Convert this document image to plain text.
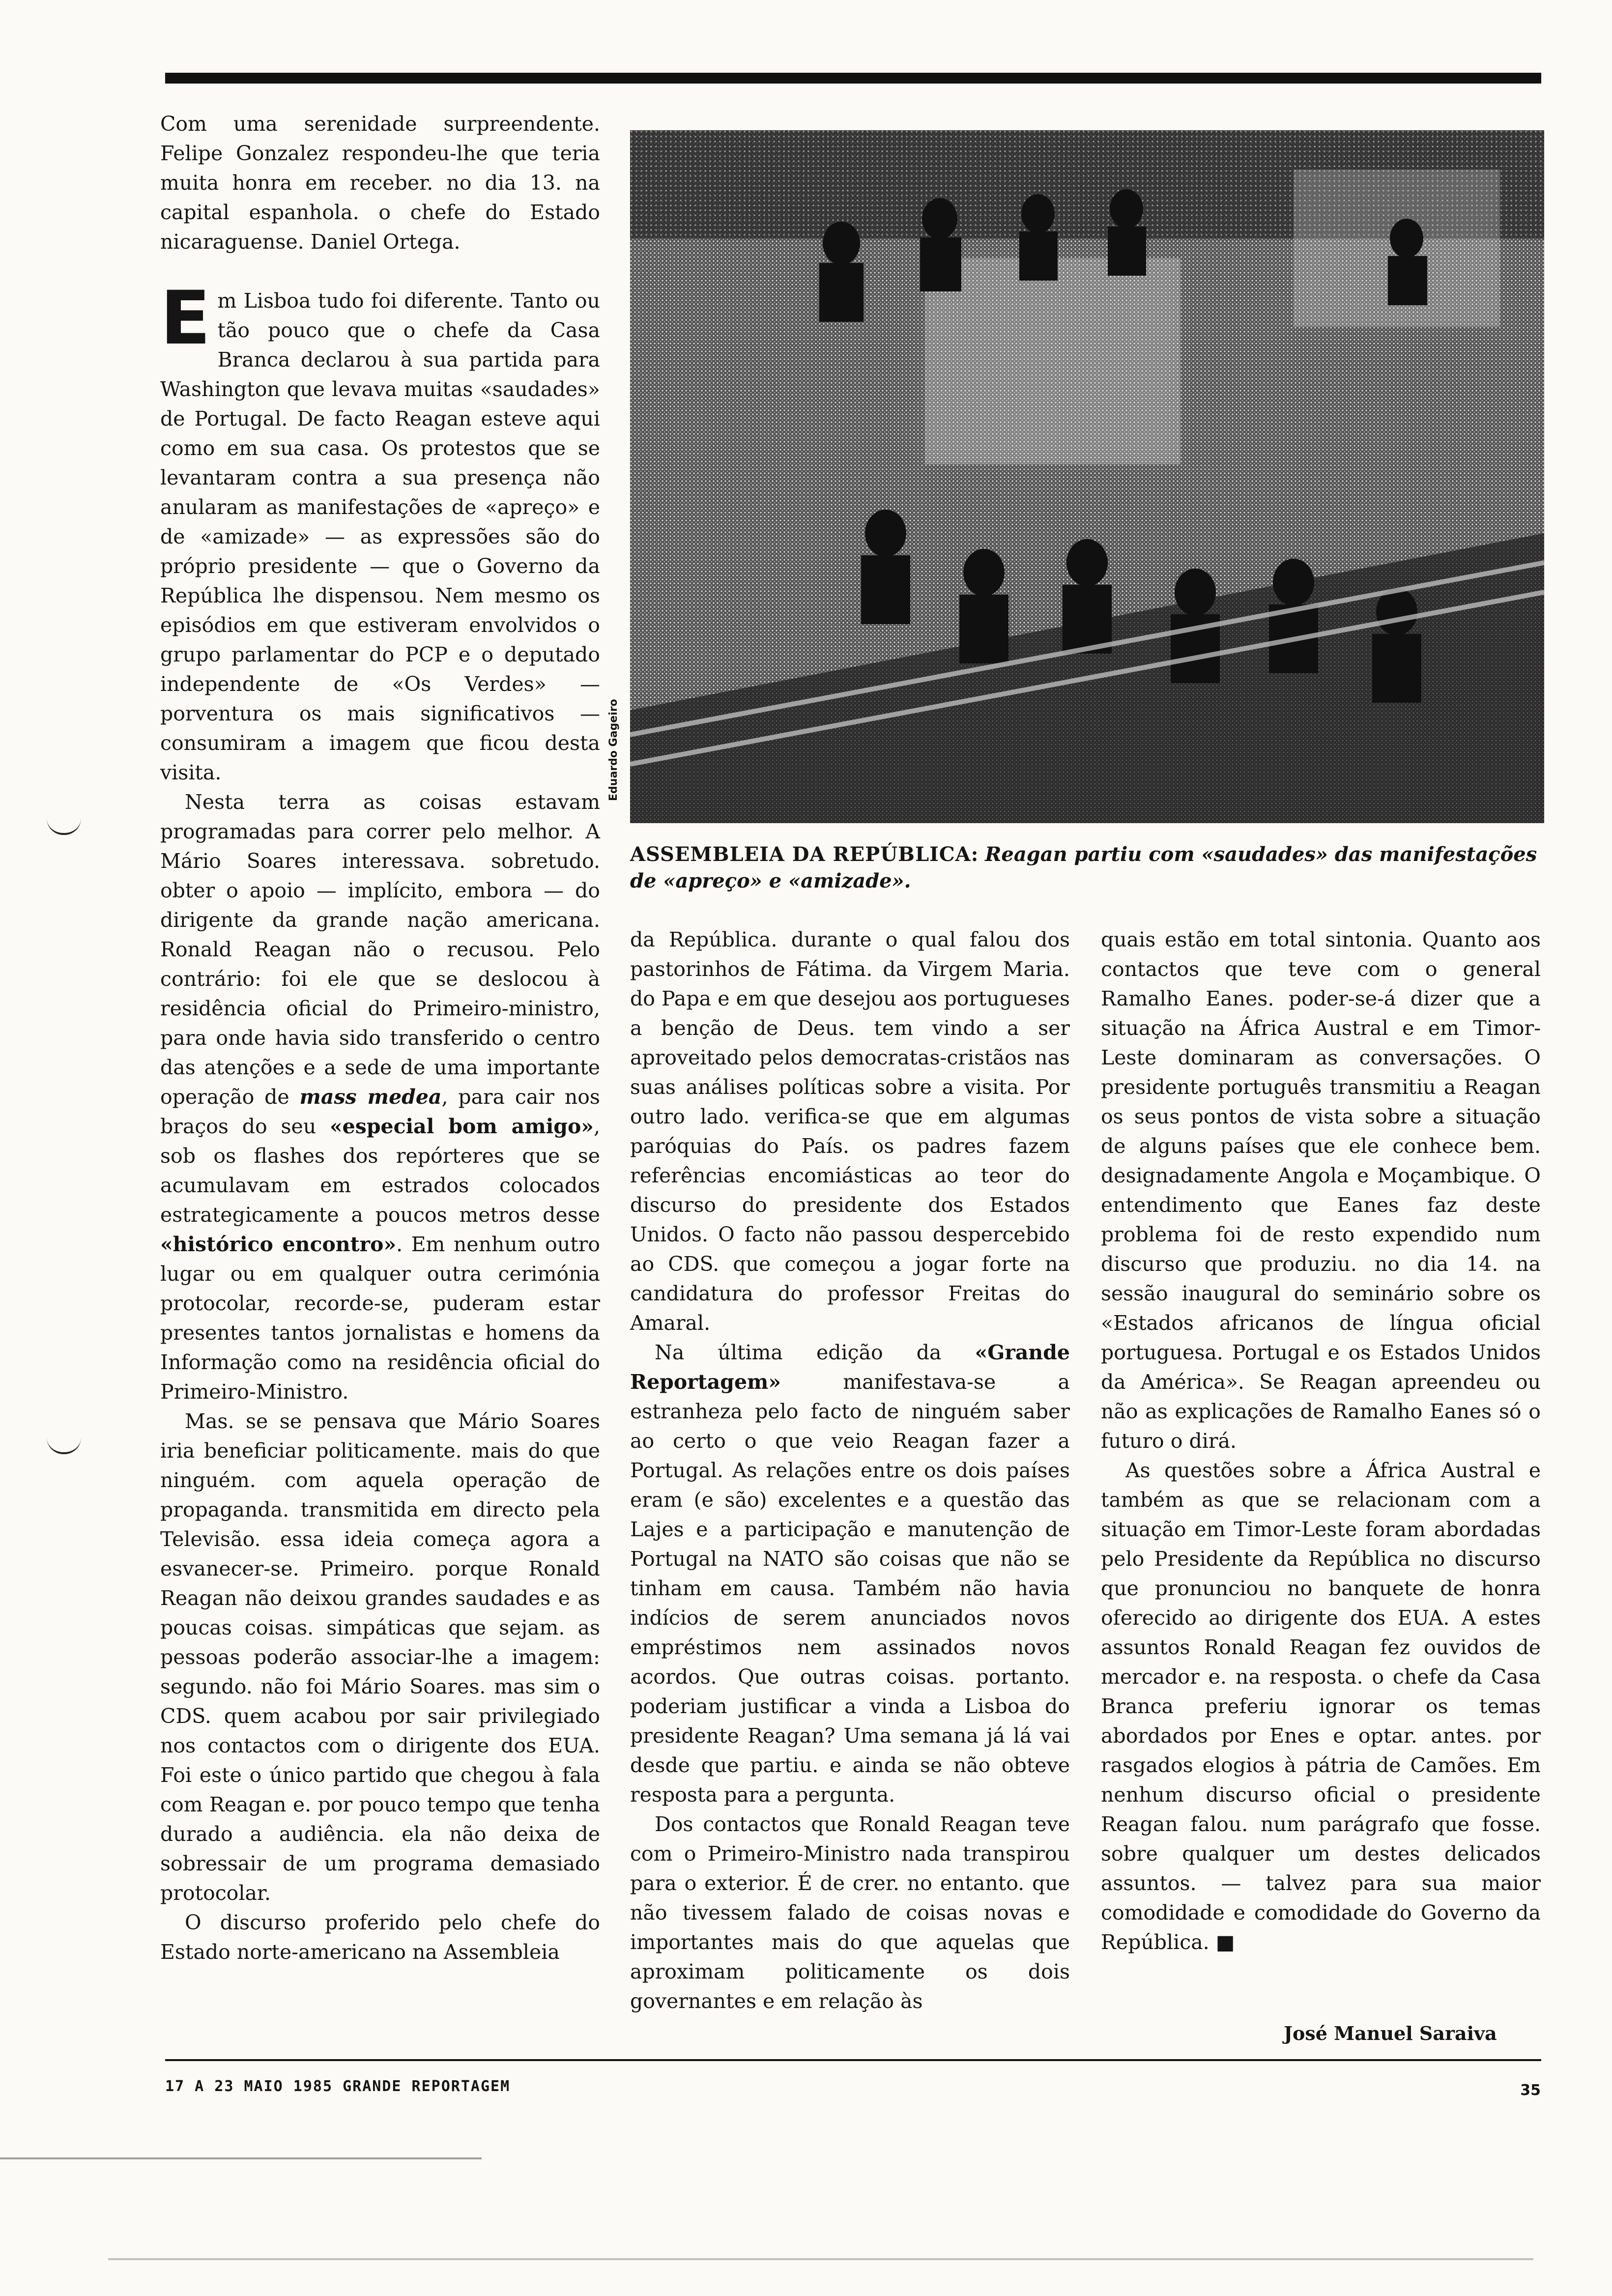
Com uma serenidade surpreendente. Felipe Gonzalez respondeu-lhe que teria muita honra em receber. no dia 13. na capital espanhola. o chefe do Estado nicaraguense. Daniel Ortega.

Em Lisboa tudo foi diferente. Tanto ou tão pouco que o chefe da Casa Branca declarou à sua partida para Washington que levava muitas «saudades» de Portugal. De facto Reagan esteve aqui como em sua casa. Os protestos que se levantaram contra a sua presença não anularam as manifestações de «apreço» e de «amizade» — as expressões são do próprio presidente — que o Governo da República lhe dispensou. Nem mesmo os episódios em que estiveram envolvidos o grupo parlamentar do PCP e o deputado independente de «Os Verdes» — porventura os mais significativos — consumiram a imagem que ficou desta visita.

Nesta terra as coisas estavam programadas para correr pelo melhor. A Mário Soares interessava. sobretudo. obter o apoio — implícito, embora — do dirigente da grande nação americana. Ronald Reagan não o recusou. Pelo contrário: foi ele que se deslocou à residência oficial do Primeiro-ministro, para onde havia sido transferido o centro das atenções e a sede de uma importante operação de mass medea, para cair nos braços do seu «especial bom amigo», sob os flashes dos repórteres que se acumulavam em estrados colocados estrategicamente a poucos metros desse «histórico encontro». Em nenhum outro lugar ou em qualquer outra cerimónia protocolar, recorde-se, puderam estar presentes tantos jornalistas e homens da Informação como na residência oficial do Primeiro-Ministro.

Mas. se se pensava que Mário Soares iria beneficiar politicamente. mais do que ninguém. com aquela operação de propaganda. transmitida em directo pela Televisão. essa ideia começa agora a esvanecer-se. Primeiro. porque Ronald Reagan não deixou grandes saudades e as poucas coisas. simpáticas que sejam. as pessoas poderão associar-lhe a imagem: segundo. não foi Mário Soares. mas sim o CDS. quem acabou por sair privilegiado nos contactos com o dirigente dos EUA. Foi este o único partido que chegou à fala com Reagan e. por pouco tempo que tenha durado a audiência. ela não deixa de sobressair de um programa demasiado protocolar.

O discurso proferido pelo chefe do Estado norte-americano na Assembleia

Eduardo Gageiro
ASSEMBLEIA DA REPÚBLICA: Reagan partiu com «saudades» das manifestações de «apreço» e «amizade».

da República. durante o qual falou dos pastorinhos de Fátima. da Virgem Maria. do Papa e em que desejou aos portugueses a benção de Deus. tem vindo a ser aproveitado pelos democratas-cristãos nas suas análises políticas sobre a visita. Por outro lado. verifica-se que em algumas paróquias do País. os padres fazem referências encomiásticas ao teor do discurso do presidente dos Estados Unidos. O facto não passou despercebido ao CDS. que começou a jogar forte na candidatura do professor Freitas do Amaral.

Na última edição da «Grande Reportagem»	manifestava-se a estranheza pelo facto de ninguém saber ao certo o que veio Reagan fazer a Portugal. As relações entre os dois países eram (e são) excelentes e a questão das Lajes e a participação e manutenção de Portugal na NATO são coisas que não se tinham em causa. Também não havia indícios de serem anunciados novos empréstimos nem assinados novos acordos. Que outras coisas. portanto. poderiam justificar a vinda a Lisboa do presidente Reagan? Uma semana já lá vai desde que partiu. e ainda se não obteve resposta para a pergunta.

Dos contactos que Ronald Reagan teve com o Primeiro-Ministro nada transpirou para o exterior. É de crer. no entanto. que não tivessem falado de coisas novas e importantes mais do que aquelas que aproximam politicamente os dois governantes e em relação às

quais estão em total sintonia. Quanto aos contactos que teve com o general Ramalho Eanes. poder-se-á dizer que a situação na África Austral e em Timor-Leste dominaram as conversações. O presidente português transmitiu a Reagan os seus pontos de vista sobre a situação de alguns países que ele conhece bem. designadamente Angola e Moçambique. O entendimento que Eanes faz deste problema foi de resto expendido num discurso que produziu. no dia 14. na sessão inaugural do seminário sobre os «Estados africanos de língua oficial portuguesa. Portugal e os Estados Unidos da América». Se Reagan apreendeu ou não as explicações de Ramalho Eanes só o futuro o dirá.

As questões sobre a África Austral e também as que se relacionam com a situação em Timor-Leste foram abordadas pelo Presidente da República no discurso que pronunciou no banquete de honra oferecido ao dirigente dos EUA. A estes assuntos Ronald Reagan fez ouvidos de mercador e. na resposta. o chefe da Casa Branca preferiu ignorar os temas abordados por Enes e optar. antes. por rasgados elogios à pátria de Camões. Em nenhum discurso oficial o presidente Reagan falou. num parágrafo que fosse. sobre qualquer um destes delicados assuntos. — talvez para sua maior comodidade e comodidade do Governo da República. ■

José Manuel Saraiva
17 A 23 MAIO 1985 GRANDE REPORTAGEM	35
